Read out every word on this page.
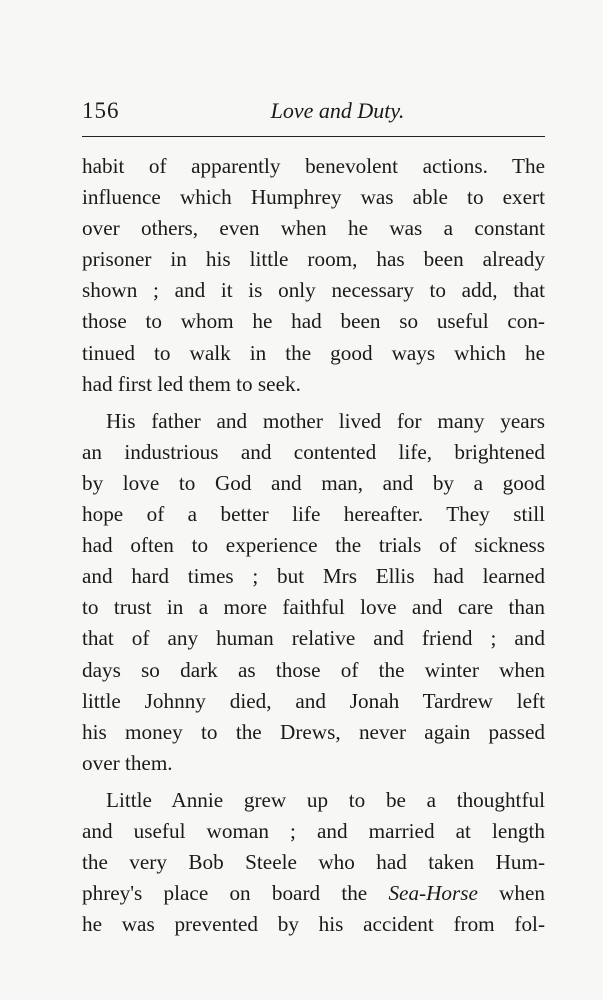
156	Love and Duty.
habit of apparently benevolent actions. The
influence which Humphrey was able to exert
over others, even when he was a constant
prisoner in his little room, has been already
shown ; and it is only necessary to add, that
those to whom he had been so useful con-
tinued to walk in the good ways which he
had first led them to seek.
His father and mother lived for many years
an industrious and contented life, brightened
by love to God and man, and by a good
hope of a better life hereafter. They still
had often to experience the trials of sickness
and hard times ; but Mrs Ellis had learned
to trust in a more faithful love and care than
that of any human relative and friend ; and
days so dark as those of the winter when
little Johnny died, and Jonah Tardrew left
his money to the Drews, never again passed
over them.
Little Annie grew up to be a thoughtful
and useful woman ; and married at length
the very Bob Steele who had taken Hum-
phrey's place on board the Sea-Horse when
he was prevented by his accident from fol-
